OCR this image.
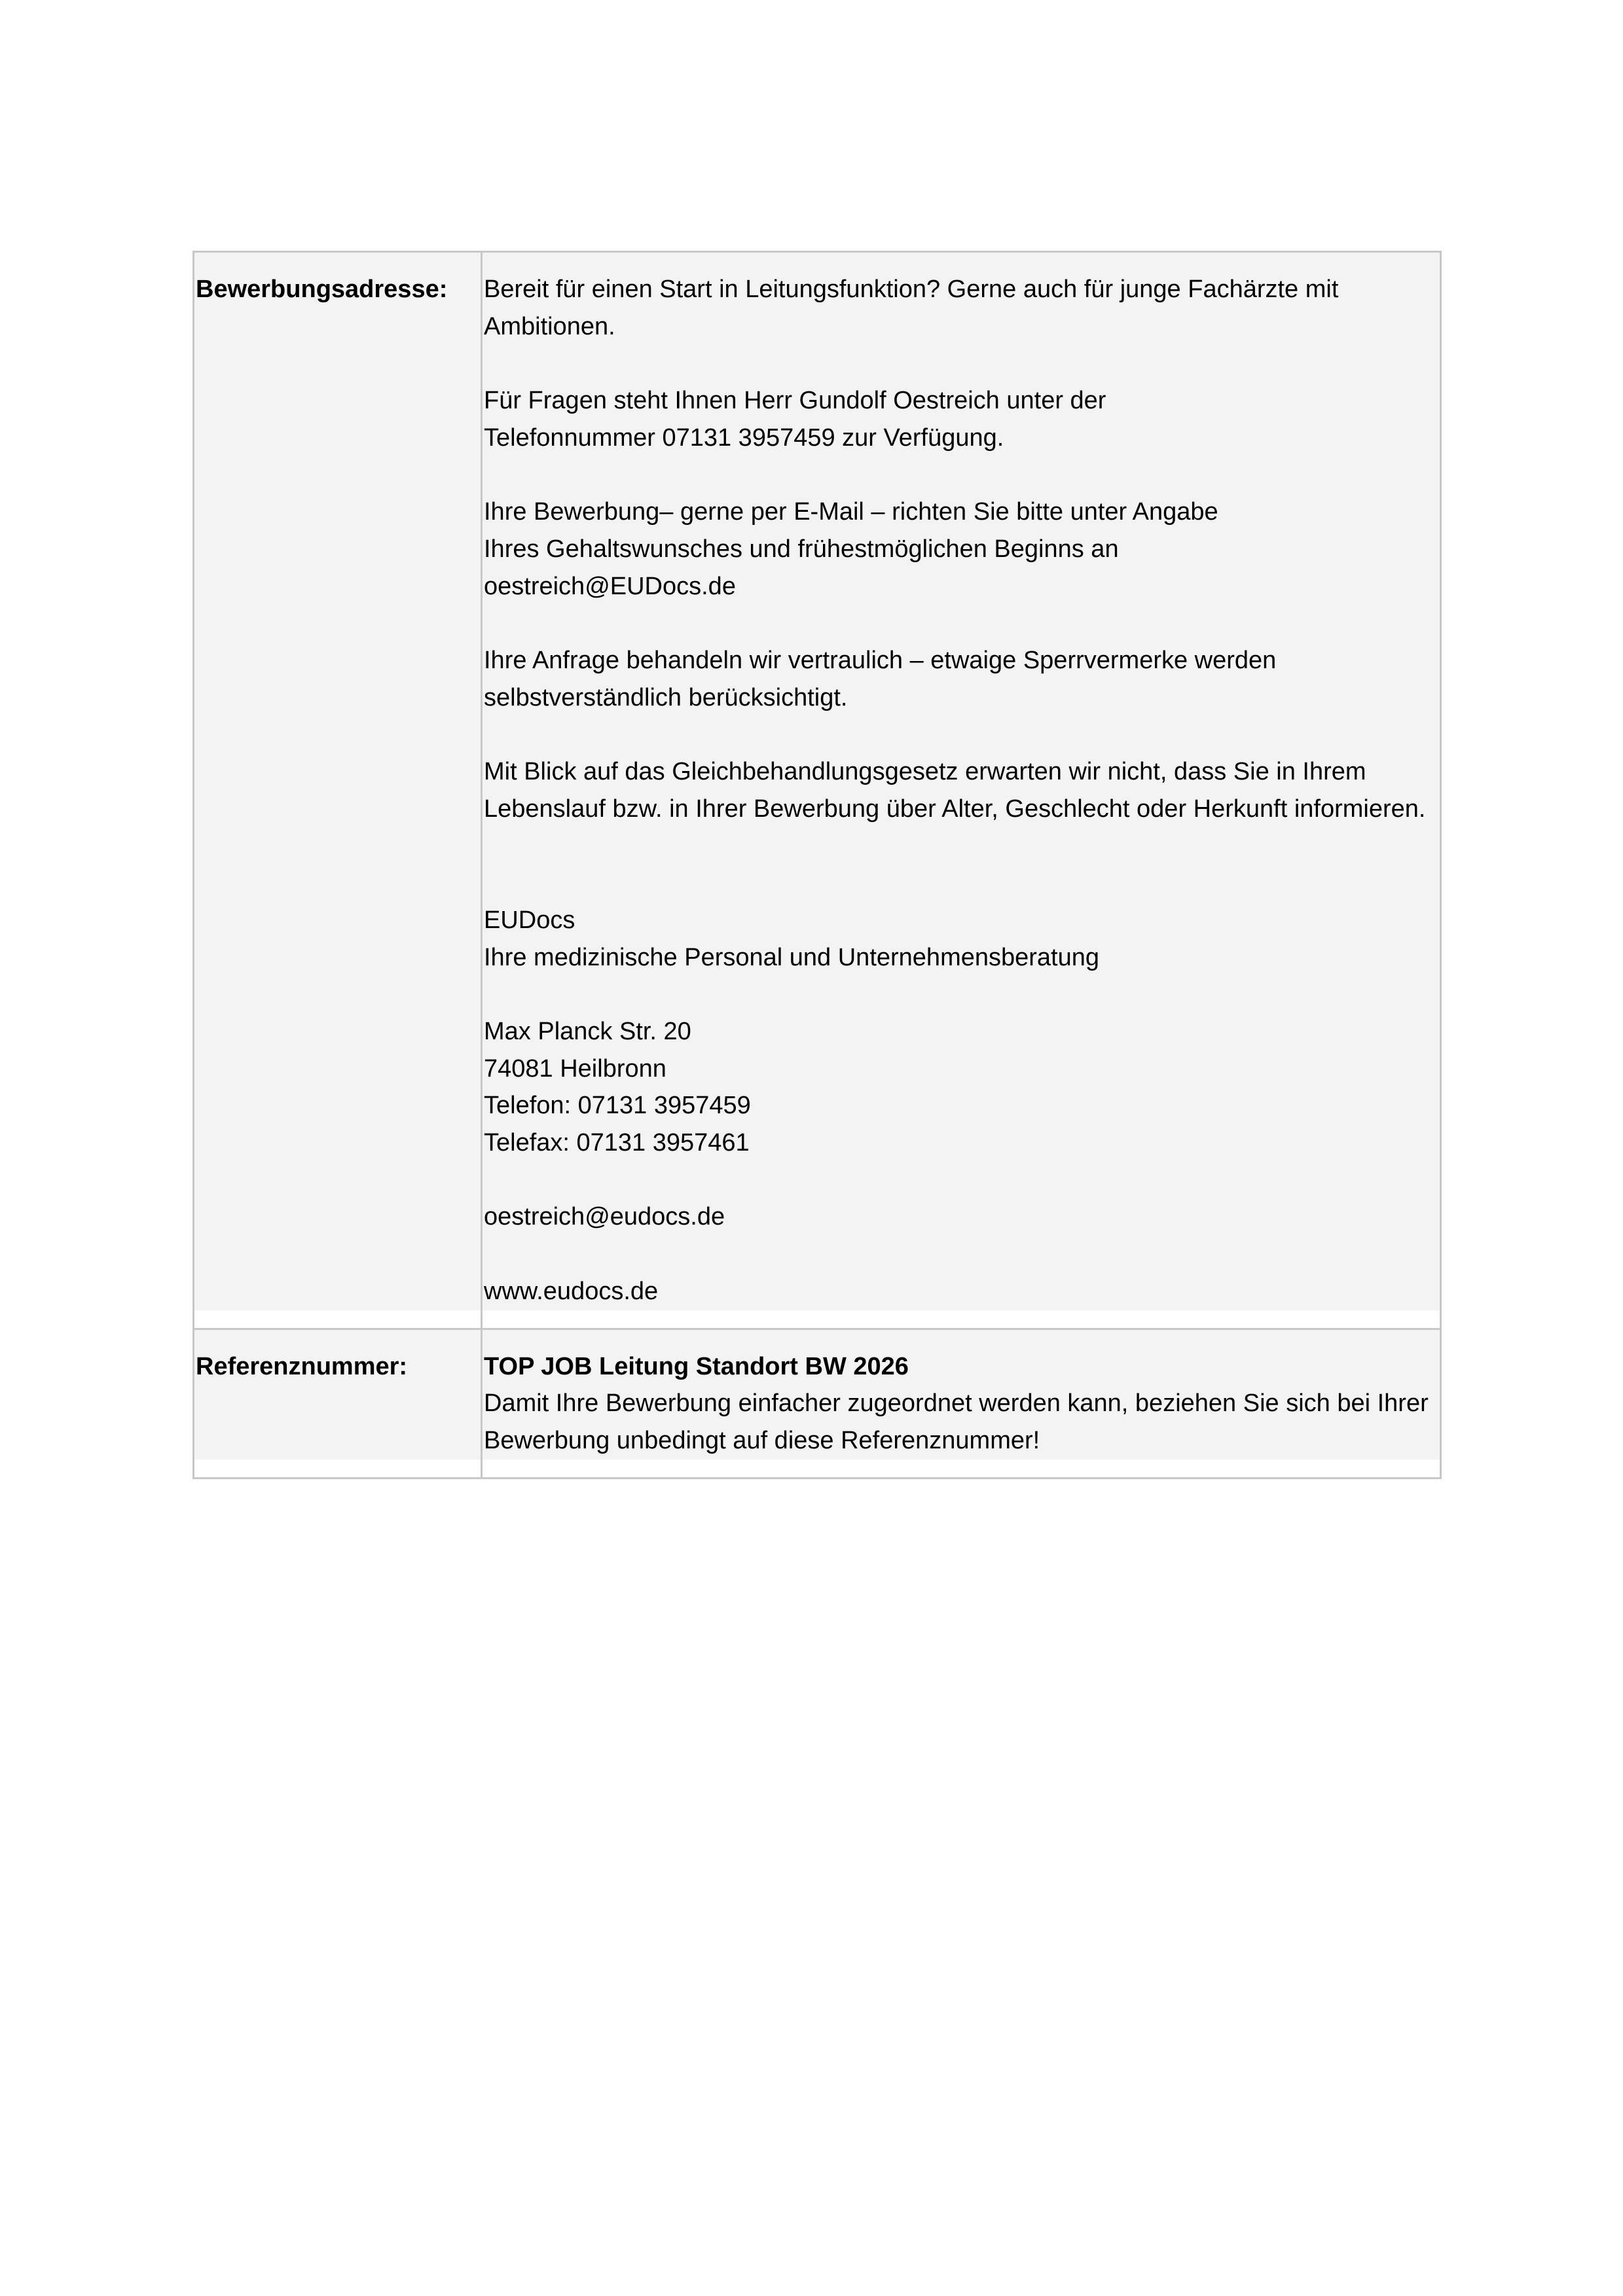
Bewerbungsadresse:	Bereit für einen Start in Leitungsfunktion? Gerne auch für junge Fachärzte mit
Ambitionen.
Für Fragen steht Ihnen Herr Gundolf Oestreich unter der
Telefonnummer 07131 3957459 zur Verfügung.
Ihre Bewerbung– gerne per E-Mail – richten Sie bitte unter Angabe
Ihres Gehaltswunsches und frühestmöglichen Beginns an
oestreich@EUDocs.de
Ihre Anfrage behandeln wir vertraulich – etwaige Sperrvermerke werden
selbstverständlich berücksichtigt.
Mit Blick auf das Gleichbehandlungsgesetz erwarten wir nicht, dass Sie in Ihrem
Lebenslauf bzw. in Ihrer Bewerbung über Alter, Geschlecht oder Herkunft informieren.
EUDocs
Ihre medizinische Personal und Unternehmensberatung
Max Planck Str. 20
74081 Heilbronn
Telefon: 07131 3957459
Telefax: 07131 3957461
oestreich@eudocs.de
www.eudocs.de
Referenznummer:	TOP JOB Leitung Standort BW 2026
Damit Ihre Bewerbung einfacher zugeordnet werden kann, beziehen Sie sich bei Ihrer
Bewerbung unbedingt auf diese Referenznummer!
